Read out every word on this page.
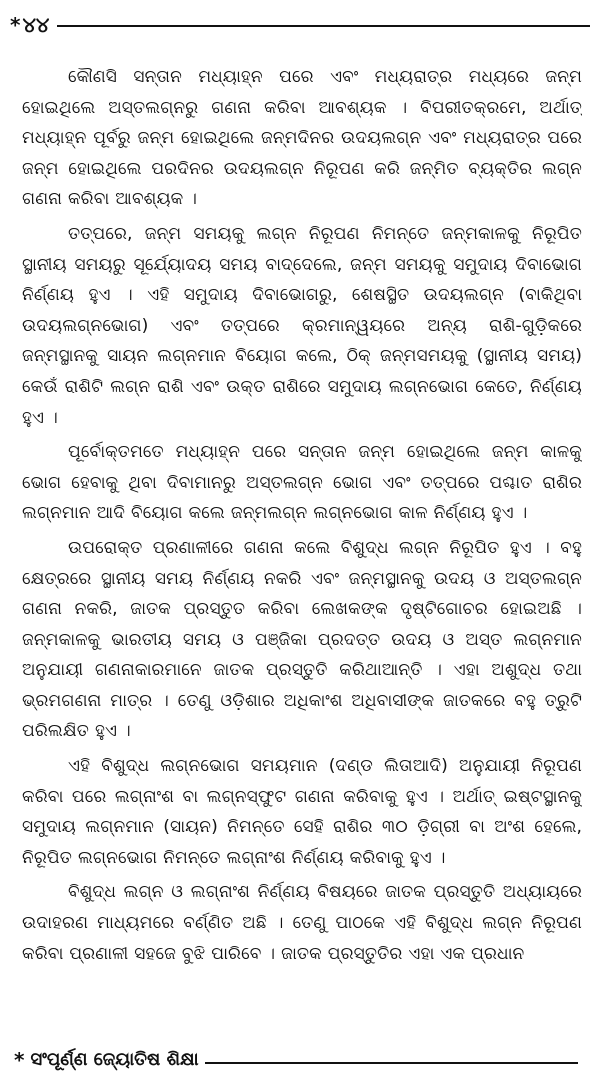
* ୪୪

କୌଣସି ସନ୍ତାନ ମଧ୍ୟାହ୍ନ ପରେ ଏବଂ ମଧ୍ୟରାତ୍ର ମଧ୍ୟରେ ଜନ୍ମ ହୋଇଥିଲେ ଅସ୍ତଲଗ୍ନରୁ ଗଣନା କରିବା ଆବଶ୍ୟକ । ବିପରୀତକ୍ରମେ, ଅର୍ଥାତ୍ ମଧ୍ୟାହ୍ନ ପୂର୍ବରୁ ଜନ୍ମ ହୋଇଥିଲେ ଜନ୍ମଦିନର ଉଦୟଲଗ୍ନ ଏବଂ ମଧ୍ୟରାତ୍ର ପରେ ଜନ୍ମ ହୋଇଥିଲେ ପରଦିନର ଉଦୟଲଗ୍ନ ନିରୂପଣ କରି ଜନ୍ମିତ ବ୍ୟକ୍ତିର ଲଗ୍ନ ଗଣନା କରିବା ଆବଶ୍ୟକ ।

ତତ୍ପରେ, ଜନ୍ମ ସମୟକୁ ଲଗ୍ନ ନିରୂପଣ ନିମନ୍ତେ ଜନ୍ମକାଳକୁ ନିରୂପିତ ସ୍ଥାନୀୟ ସମୟରୁ ସୂର୍ଯ୍ୟୋଦୟ ସମୟ ବାଦ୍‌ଦେଲେ, ଜନ୍ମ ସମୟକୁ ସମୁଦାୟ ଦିବାଭୋଗ ନିର୍ଣ୍ଣୟ ହୁଏ । ଏହି ସମୁଦାୟ ଦିବାଭୋଗରୁ, ଶେଷସ୍ଥିତ ଉଦୟଲଗ୍ନ (ବାକିଥିବା ଉଦୟଲଗ୍ନଭୋଗ) ଏବଂ ତତ୍ପରେ କ୍ରମାନ୍ୱୟରେ ଅନ୍ୟ ରାଶି-ଗୁଡ଼ିକରେ ଜନ୍ମସ୍ଥାନକୁ ସାୟନ ଲଗ୍ନମାନ ବିୟୋଗ କଲେ, ଠିକ୍ ଜନ୍ମସମୟକୁ (ସ୍ଥାନୀୟ ସମୟ) କେଉଁ ରାଶିଟି ଲଗ୍ନ ରାଶି ଏବଂ ଉକ୍ତ ରାଶିରେ ସମୁଦାୟ ଲଗ୍ନଭୋଗ କେତେ, ନିର୍ଣ୍ଣୟ ହୁଏ ।

ପୂର୍ବୋକ୍ତମତେ ମଧ୍ୟାହ୍ନ ପରେ ସନ୍ତାନ ଜନ୍ମ ହୋଇଥିଲେ ଜନ୍ମ କାଳକୁ ଭୋଗ ହେବାକୁ ଥିବା ଦିବାମାନରୁ ଅସ୍ତଲଗ୍ନ ଭୋଗ ଏବଂ ତତ୍ପରେ ପଶ୍ଚାତ ରାଶିର ଲଗ୍ନମାନ ଆଦି ବିୟୋଗ କଲେ ଜନ୍ମଲଗ୍ନ ଲଗ୍ନଭୋଗ କାଳ ନିର୍ଣ୍ଣୟ ହୁଏ ।

ଉପରୋକ୍ତ ପ୍ରଣାଳୀରେ ଗଣନା କଲେ ବିଶୁଦ୍ଧ ଲଗ୍ନ ନିରୂପିତ ହୁଏ । ବହୁ କ୍ଷେତ୍ରରେ ସ୍ଥାନୀୟ ସମୟ ନିର୍ଣ୍ଣୟ ନକରି ଏବଂ ଜନ୍ମସ୍ଥାନକୁ ଉଦୟ ଓ ଅସ୍ତଲଗ୍ନ ଗଣନା ନକରି, ଜାତକ ପ୍ରସ୍ତୁତ କରିବା ଲେଖକଙ୍କ ଦୃଷ୍ଟିଗୋଚର ହୋଇଅଛି । ଜନ୍ମକାଳକୁ ଭାରତୀୟ ସମୟ ଓ ପଞ୍ଜିକା ପ୍ରଦତ୍ତ ଉଦୟ ଓ ଅସ୍ତ ଲଗ୍ନମାନ ଅନୁଯାୟୀ ଗଣନାକାରମାନେ ଜାତକ ପ୍ରସ୍ତୁତି କରିଥାଆନ୍ତି । ଏହା ଅଶୁଦ୍ଧ ତଥା ଭ୍ରମଗଣନା ମାତ୍ର । ତେଣୁ ଓଡ଼ିଶାର ଅଧିକାଂଶ ଅଧିବାସୀଙ୍କ ଜାତକରେ ବହୁ ତ୍ରୁଟି ପରିଲକ୍ଷିତ ହୁଏ ।

ଏହି ବିଶୁଦ୍ଧ ଲଗ୍ନଭୋଗ ସମୟମାନ (ଦଣ୍ଡ ଲିତାଆଦି) ଅନୁଯାୟୀ ନିରୂପଣ କରିବା ପରେ ଲଗ୍ନାଂଶ ବା ଲଗ୍ନସ୍ଫୁଟ ଗଣନା କରିବାକୁ ହୁଏ । ଅର୍ଥାତ୍ ଇଷ୍ଟସ୍ଥାନକୁ ସମୁଦାୟ ଲଗ୍ନମାନ (ସାୟନ) ନିମନ୍ତେ ସେହି ରାଶିର ୩୦ ଡ଼ିଗ୍ରୀ ବା ଅଂଶ ହେଲେ, ନିରୂପିତ ଲଗ୍ନଭୋଗ ନିମନ୍ତେ ଲଗ୍ନାଂଶ ନିର୍ଣ୍ଣୟ କରିବାକୁ ହୁଏ ।

ବିଶୁଦ୍ଧ ଲଗ୍ନ ଓ ଲଗ୍ନାଂଶ ନିର୍ଣ୍ଣୟ ବିଷୟରେ ଜାତକ ପ୍ରସ୍ତୁତି ଅଧ୍ୟାୟରେ ଉଦାହରଣ ମାଧ୍ୟମରେ ବର୍ଣ୍ଣିତ ଅଛି । ତେଣୁ ପାଠକେ ଏହି ବିଶୁଦ୍ଧ ଲଗ୍ନ ନିରୂପଣ କରିବା ପ୍ରଣାଳୀ ସହଜେ ବୁଝି ପାରିବେ । ଜାତକ ପ୍ରସ୍ତୁତିର ଏହା ଏକ ପ୍ରଧାନ

* ସଂପୂର୍ଣ୍ଣ ଜ୍ୟୋତିଷ ଶିକ୍ଷା
